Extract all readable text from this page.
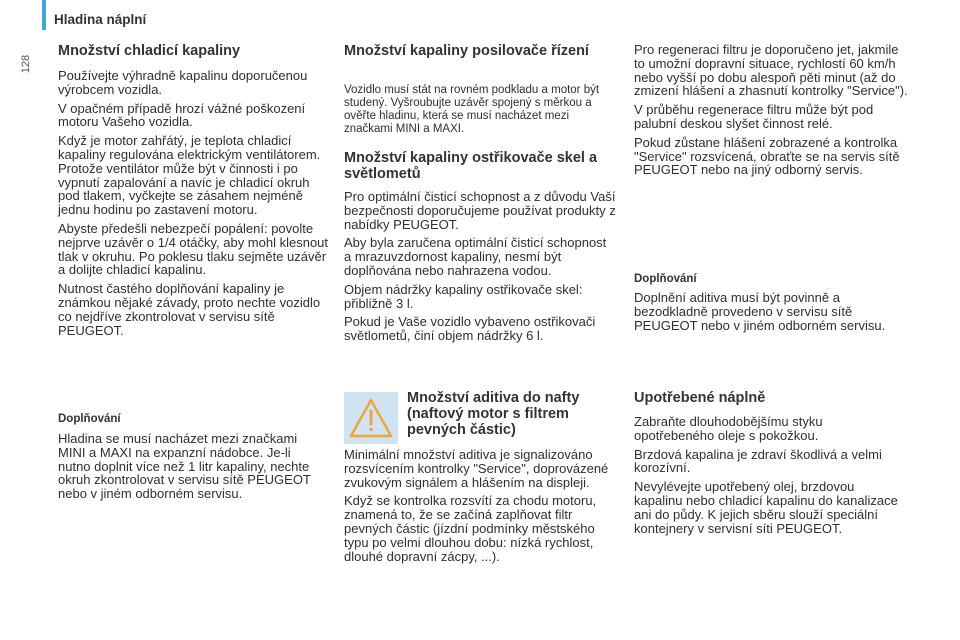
Hladina náplní
128
Množství chladicí kapaliny

Používejte výhradně kapalinu doporučenou výrobcem vozidla.

V opačném případě hrozí vážné poškození motoru Vašeho vozidla.

Když je motor zahřátý, je teplota chladicí kapaliny regulována elektrickým ventilátorem. Protože ventilátor může být v činnosti i po vypnutí zapalování a navíc je chladicí okruh pod tlakem, vyčkejte se zásahem nejméně jednu hodinu po zastavení motoru.

Abyste předešli nebezpečí popálení: povolte nejprve uzávěr o 1/4 otáčky, aby mohl klesnout tlak v okruhu. Po poklesu tlaku sejměte uzávěr a dolijte chladicí kapalinu.

Nutnost častého doplňování kapaliny je známkou nějaké závady, proto nechte vozidlo co nejdříve zkontrolovat v servisu sítě PEUGEOT.

Doplňování

Hladina se musí nacházet mezi značkami MINI a MAXI na expanzní nádobce. Je-li nutno doplnit více než 1 litr kapaliny, nechte okruh zkontrolovat v servisu sítě PEUGEOT nebo v jiném odborném servisu.

Množství kapaliny posilovače řízení

Vozidlo musí stát na rovném podkladu a motor být studený. Vyšroubujte uzávěr spojený s měrkou a ověřte hladinu, která se musí nacházet mezi značkami MINI a MAXI.

Množství kapaliny ostřikovače skel a světlometů

Pro optimální čisticí schopnost a z důvodu Vaší bezpečnosti doporučujeme používat produkty z nabídky PEUGEOT.

Aby byla zaručena optimální čisticí schopnost a mrazuvzdornost kapaliny, nesmí být doplňována nebo nahrazena vodou.

Objem nádržky kapaliny ostřikovače skel: přibližně 3 l.

Pokud je Vaše vozidlo vybaveno ostřikovači světlometů, činí objem nádržky 6 l.

Množství aditiva do nafty (naftový motor s filtrem pevných částic)

Minimální množství aditiva je signalizováno rozsvícením kontrolky "Service", doprovázené zvukovým signálem a hlášením na displeji.

Když se kontrolka rozsvítí za chodu motoru, znamená to, že se začíná zaplňovat filtr pevných částic (jízdní podmínky městského typu po velmi dlouhou dobu: nízká rychlost, dlouhé dopravní zácpy, ...).

Pro regeneraci filtru je doporučeno jet, jakmile to umožní dopravní situace, rychlostí 60 km/h nebo vyšší po dobu alespoň pěti minut (až do zmizení hlášení a zhasnutí kontrolky "Service").

V průběhu regenerace filtru může být pod palubní deskou slyšet činnost relé.

Pokud zůstane hlášení zobrazené a kontrolka "Service" rozsvícená, obraťte se na servis sítě PEUGEOT nebo na jiný odborný servis.

Doplňování

Doplnění aditiva musí být povinně a bezodkladně provedeno v servisu sítě PEUGEOT nebo v jiném odborném servisu.

Upotřebené náplně

Zabraňte dlouhodobějšímu styku opotřebeného oleje s pokožkou.

Brzdová kapalina je zdraví škodlivá a velmi korozívní.

Nevylévejte upotřebený olej, brzdovou kapalinu nebo chladicí kapalinu do kanalizace ani do půdy. K jejich sběru slouží speciální kontejnery v servisní síti PEUGEOT.
